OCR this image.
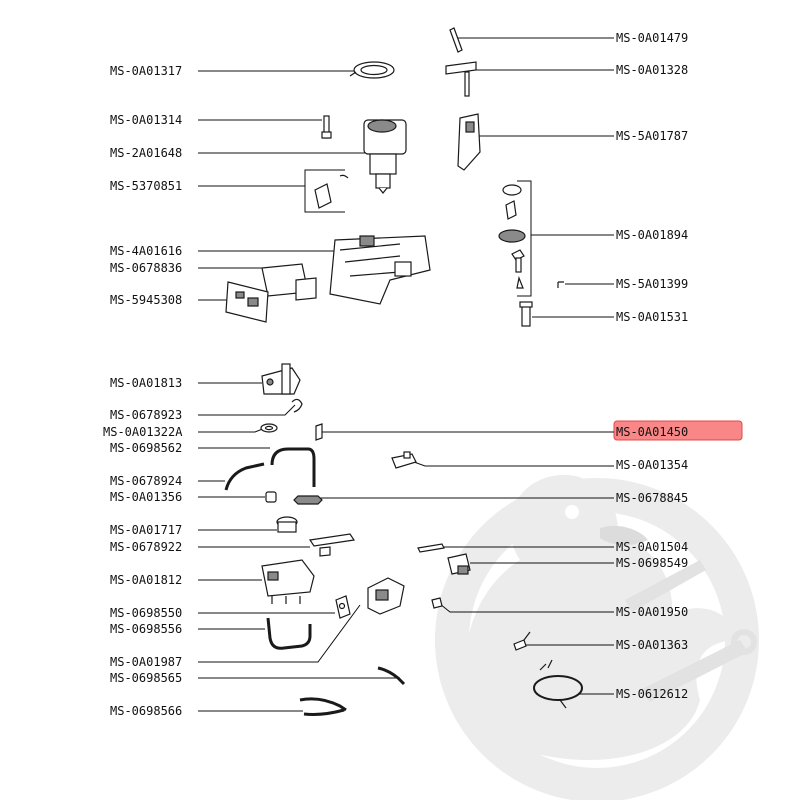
MS-0A01317
MS-0A01314
MS-2A01648
MS-5370851
MS-4A01616
MS-0678836
MS-5945308
MS-0A01813
MS-0678923
MS-0A01322A
MS-0698562
MS-0678924
MS-0A01356
MS-0A01717
MS-0678922
MS-0A01812
MS-0698550
MS-0698556
MS-0A01987
MS-0698565
MS-0698566
MS-0A01479
MS-0A01328
MS-5A01787
MS-0A01894
MS-5A01399
MS-0A01531
MS-0A01450
MS-0A01354
MS-0678845
MS-0A01504
MS-0698549
MS-0A01950
MS-0A01363
MS-0612612
